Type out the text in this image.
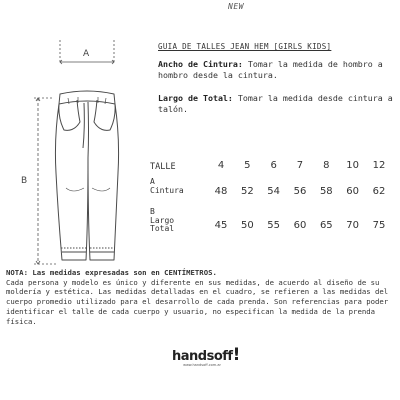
NEW
A
B
GUIA DE TALLES JEAN HEM [GIRLS KIDS]
Ancho de Cintura: Tomar la medida de hombro a hombro desde la cintura.
Largo de Total: Tomar la medida desde cintura a talón.
TALLE	4	5	6	7	8	10	12
A
Cintura	48	52	54	56	58	60	62
B
Largo
Total	45	50	55	60	65	70	75
NOTA: Las medidas expresadas son en CENTÍMETROS.
Cada persona y modelo es único y diferente en sus medidas, de acuerdo al diseño de su moldería y estética. Las medidas detalladas en el cuadro, se refieren a las medidas del cuerpo promedio utilizado para el desarrollo de cada prenda. Son referencias para poder identificar el talle de cada cuerpo y usuario, no especifican la medida de la prenda física.
handsoff!
www.handsoff.com.ar
